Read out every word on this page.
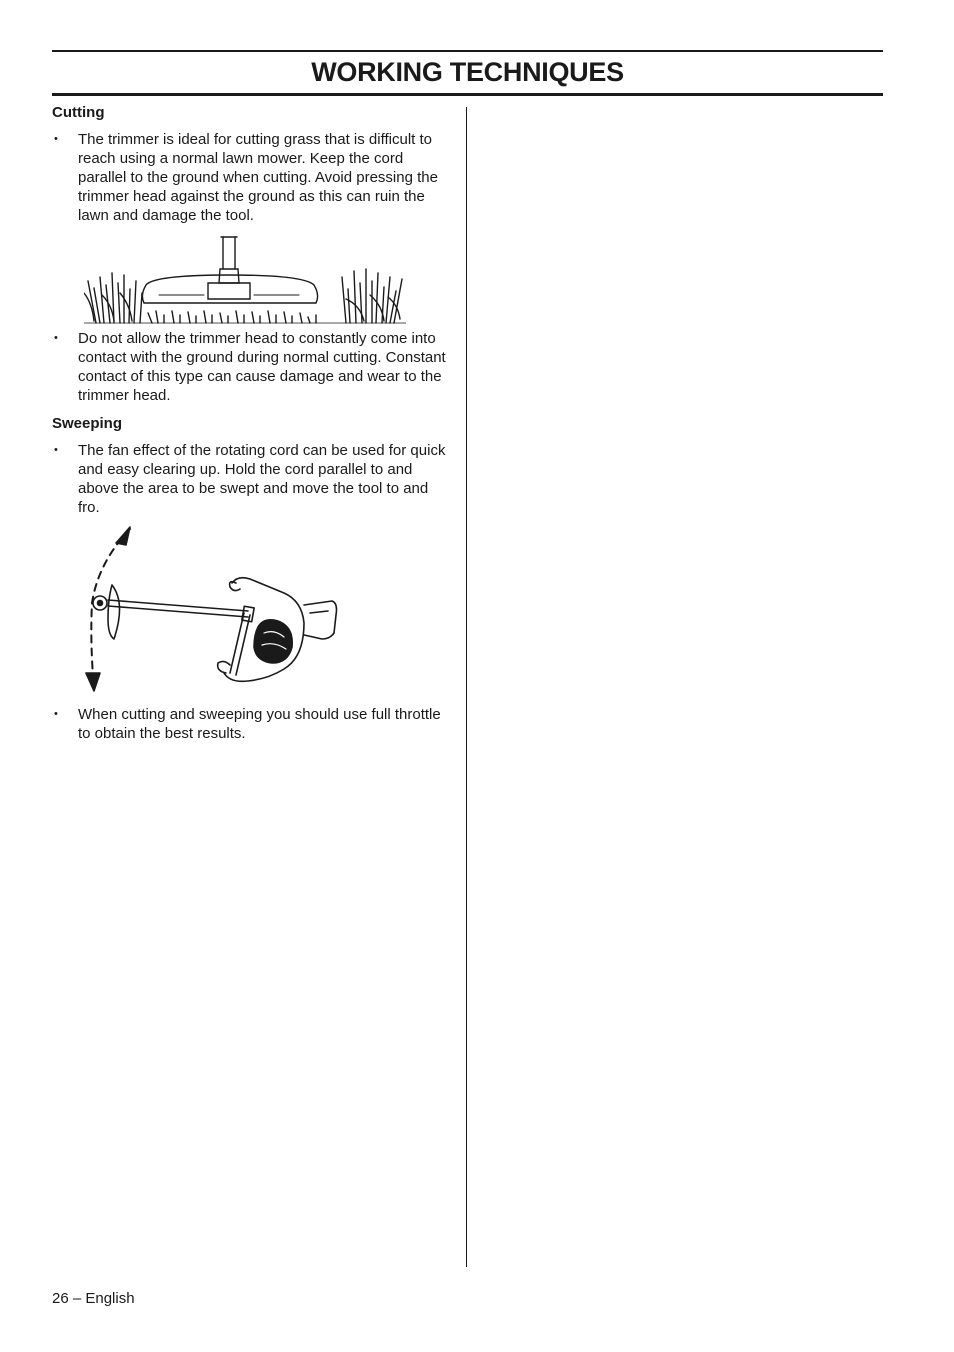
WORKING TECHNIQUES
Cutting
• The trimmer is ideal for cutting grass that is difficult to reach using a normal lawn mower. Keep the cord parallel to the ground when cutting. Avoid pressing the trimmer head against the ground as this can ruin the lawn and damage the tool.
• Do not allow the trimmer head to constantly come into contact with the ground during normal cutting. Constant contact of this type can cause damage and wear to the trimmer head.
Sweeping
• The fan effect of the rotating cord can be used for quick and easy clearing up. Hold the cord parallel to and above the area to be swept and move the tool to and fro.
• When cutting and sweeping you should use full throttle to obtain the best results.
26 – English
